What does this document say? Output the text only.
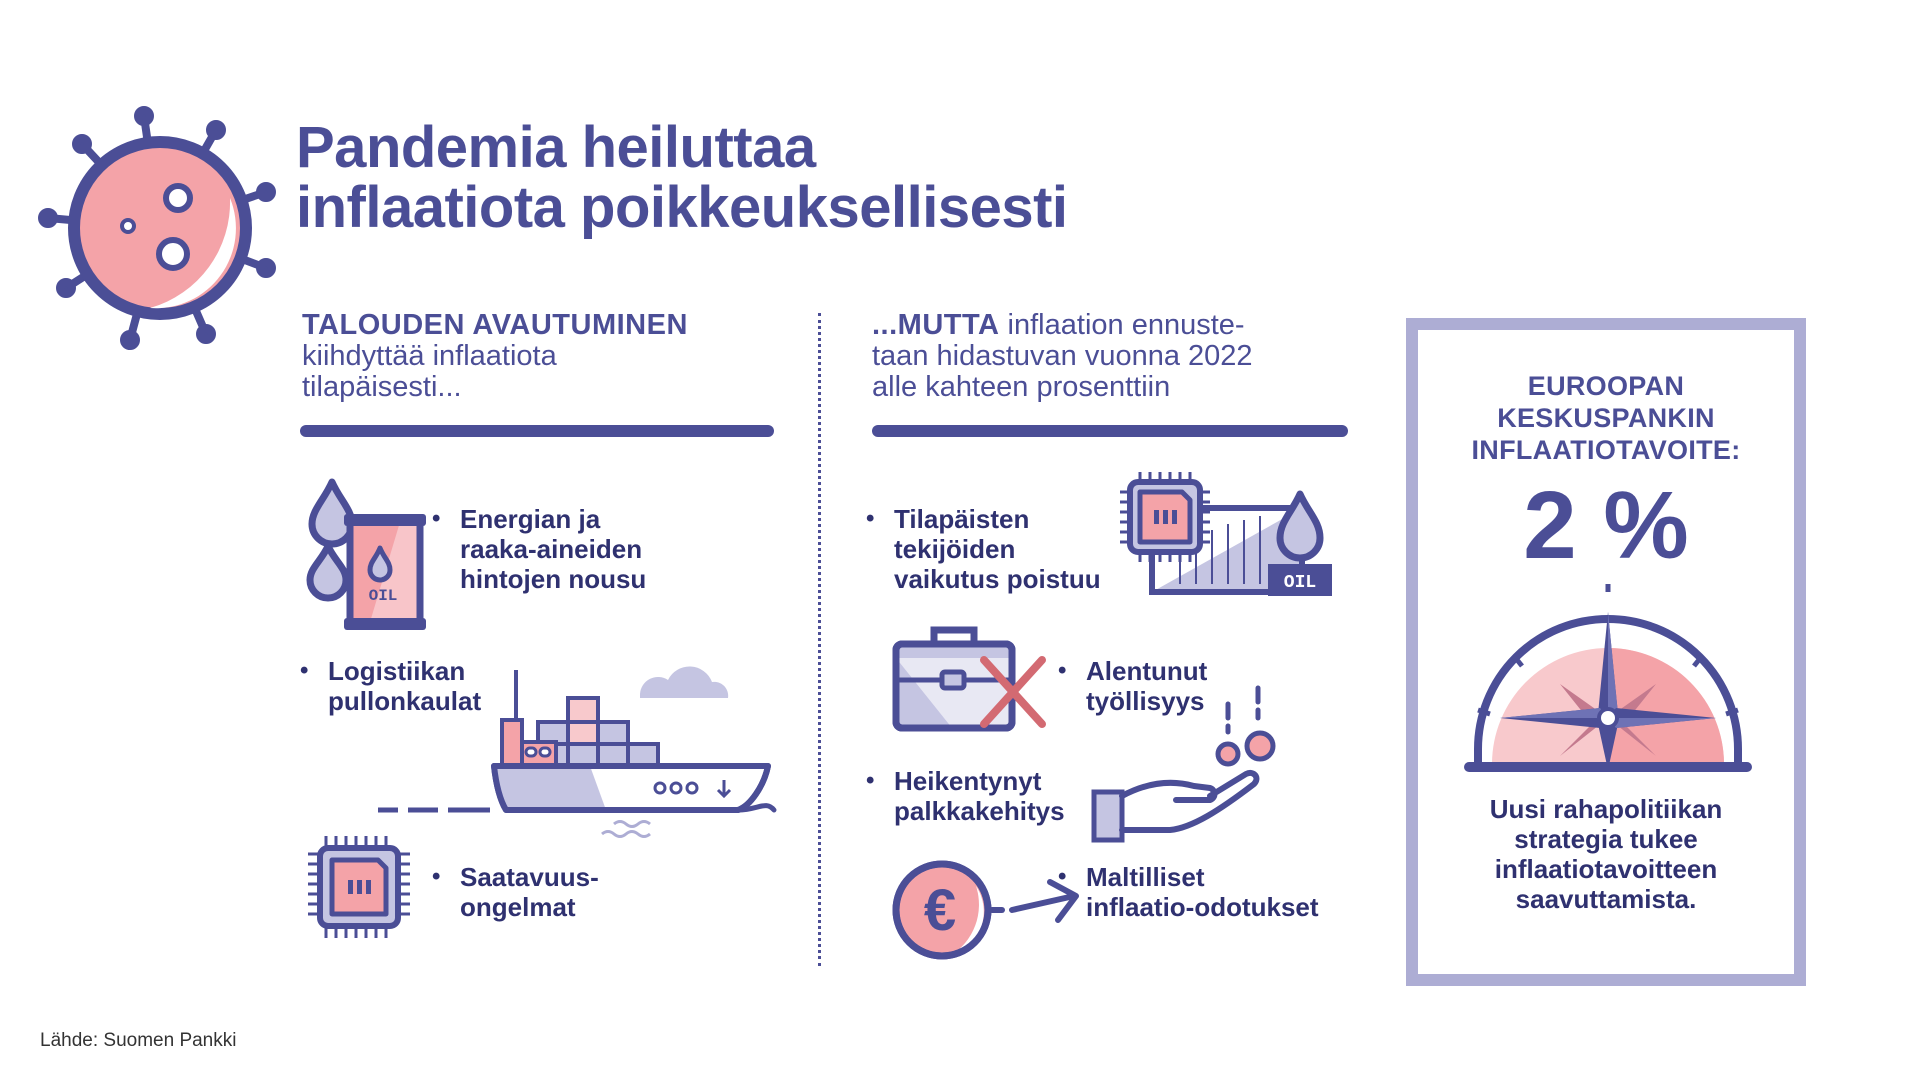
Pandemia heiluttaa
inflaatiota poikkeuksellisesti
TALOUDEN AVAUTUMINEN
kiihdyttää inflaatiota
tilapäisesti...
...MUTTA inflaation ennuste-
taan hidastuvan vuonna 2022
alle kahteen prosenttiin
OIL
• Energian ja
raaka-aineiden
hintojen nousu
• Logistiikan
pullonkaulat
• Saatavuus-
ongelmat
• Tilapäisten
tekijöiden
vaikutus poistuu	OIL
• Alentunut
työllisyys
• Heikentynyt
palkkakehitys
€
• Maltilliset
inflaatio-odotukset
EUROOPAN
KESKUSPANKIN
INFLAATIOTAVOITE:
2 %
Uusi rahapolitiikan
strategia tukee
inflaatiotavoitteen
saavuttamista.
Lähde: Suomen Pankki
